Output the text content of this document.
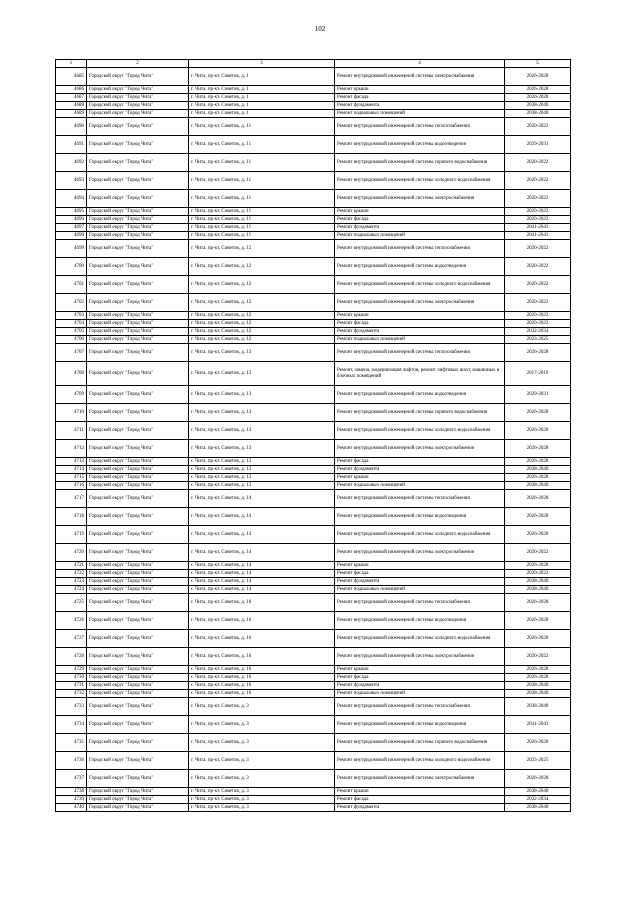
102
1	2	3	4	5
4685	Городской округ "Город Чита"	г. Чита, пр-кт. Советов, д. 1	Ремонт внутридомовой инженерной системы электроснабжения	2026-2028
4686	Городской округ "Город Чита"	г. Чита, пр-кт. Советов, д. 1	Ремонт крыши	2026-2028
4687	Городской округ "Город Чита"	г. Чита, пр-кт. Советов, д. 1	Ремонт фасада	2026-2028
4688	Городской округ "Город Чита"	г. Чита, пр-кт. Советов, д. 1	Ремонт фундамента	2038-2040
4689	Городской округ "Город Чита"	г. Чита, пр-кт. Советов, д. 1	Ремонт подвальных помещений	2038-2040
4690	Городской округ "Город Чита"	г. Чита, пр-кт. Советов, д. 11	Ремонт внутридомовой инженерной системы теплоснабжения	2020-2022
4691	Городской округ "Город Чита"	г. Чита, пр-кт. Советов, д. 11	Ремонт внутридомовой инженерной системы водоотведения	2029-2031
4692	Городской округ "Город Чита"	г. Чита, пр-кт. Советов, д. 11	Ремонт внутридомовой инженерной системы горячего водоснабжения	2020-2022
4693	Городской округ "Город Чита"	г. Чита, пр-кт. Советов, д. 11	Ремонт внутридомовой инженерной системы холодного водоснабжения	2020-2022
4694	Городской округ "Город Чита"	г. Чита, пр-кт. Советов, д. 11	Ремонт внутридомовой инженерной системы электроснабжения	2020-2022
4695	Городской округ "Город Чита"	г. Чита, пр-кт. Советов, д. 11	Ремонт крыши	2020-2022
4696	Городской округ "Город Чита"	г. Чита, пр-кт. Советов, д. 11	Ремонт фасада	2020-2022
4697	Городской округ "Город Чита"	г. Чита, пр-кт. Советов, д. 11	Ремонт фундамента	2041-2043
4698	Городской округ "Город Чита"	г. Чита, пр-кт. Советов, д. 11	Ремонт подвальных помещений	2041-2043
4699	Городской округ "Город Чита"	г. Чита, пр-кт. Советов, д. 12	Ремонт внутридомовой инженерной системы теплоснабжения	2020-2022
4700	Городской округ "Город Чита"	г. Чита, пр-кт. Советов, д. 12	Ремонт внутридомовой инженерной системы водоотведения	2020-2022
4701	Городской округ "Город Чита"	г. Чита, пр-кт. Советов, д. 12	Ремонт внутридомовой инженерной системы холодного водоснабжения	2020-2022
4702	Городской округ "Город Чита"	г. Чита, пр-кт. Советов, д. 12	Ремонт внутридомовой инженерной системы электроснабжения	2020-2022
4703	Городской округ "Город Чита"	г. Чита, пр-кт. Советов, д. 12	Ремонт крыши	2020-2022
4704	Городской округ "Город Чита"	г. Чита, пр-кт. Советов, д. 12	Ремонт фасада	2020-2022
4705	Городской округ "Город Чита"	г. Чита, пр-кт. Советов, д. 12	Ремонт фундамента	2032-2034
4706	Городской округ "Город Чита"	г. Чита, пр-кт. Советов, д. 12	Ремонт подвальных помещений	2023-2025
4707	Городской округ "Город Чита"	г. Чита, пр-кт. Советов, д. 13	Ремонт внутридомовой инженерной системы теплоснабжения	2026-2028
4708	Городской округ "Город Чита"	г. Чита, пр-кт. Советов, д. 13	Ремонт, замена, модернизация лифтов, ремонт лифтовых шахт, машинных и блочных помещений	2017-2019
4709	Городской округ "Город Чита"	г. Чита, пр-кт. Советов, д. 13	Ремонт внутридомовой инженерной системы водоотведения	2029-2031
4710	Городской округ "Город Чита"	г. Чита, пр-кт. Советов, д. 13	Ремонт внутридомовой инженерной системы горячего водоснабжения	2026-2028
4711	Городской округ "Город Чита"	г. Чита, пр-кт. Советов, д. 13	Ремонт внутридомовой инженерной системы холодного водоснабжения	2026-2028
4712	Городской округ "Город Чита"	г. Чита, пр-кт. Советов, д. 13	Ремонт внутридомовой инженерной системы электроснабжения	2026-2028
4713	Городской округ "Город Чита"	г. Чита, пр-кт. Советов, д. 13	Ремонт фасада	2026-2028
4714	Городской округ "Город Чита"	г. Чита, пр-кт. Советов, д. 13	Ремонт фундамента	2038-2040
4715	Городской округ "Город Чита"	г. Чита, пр-кт. Советов, д. 13	Ремонт крыши	2026-2028
4716	Городской округ "Город Чита"	г. Чита, пр-кт. Советов, д. 13	Ремонт подвальных помещений	2038-2040
4717	Городской округ "Город Чита"	г. Чита, пр-кт. Советов, д. 14	Ремонт внутридомовой инженерной системы теплоснабжения	2026-2028
4718	Городской округ "Город Чита"	г. Чита, пр-кт. Советов, д. 14	Ремонт внутридомовой инженерной системы водоотведения	2026-2028
4719	Городской округ "Город Чита"	г. Чита, пр-кт. Советов, д. 14	Ремонт внутридомовой инженерной системы холодного водоснабжения	2026-2028
4720	Городской округ "Город Чита"	г. Чита, пр-кт. Советов, д. 14	Ремонт внутридомовой инженерной системы электроснабжения	2020-2022
4721	Городской округ "Город Чита"	г. Чита, пр-кт. Советов, д. 14	Ремонт крыши	2026-2028
4722	Городской округ "Город Чита"	г. Чита, пр-кт. Советов, д. 14	Ремонт фасада	2020-2022
4723	Городской округ "Город Чита"	г. Чита, пр-кт. Советов, д. 14	Ремонт фундамента	2038-2040
4724	Городской округ "Город Чита"	г. Чита, пр-кт. Советов, д. 14	Ремонт подвальных помещений	2038-2040
4725	Городской округ "Город Чита"	г. Чита, пр-кт. Советов, д. 16	Ремонт внутридомовой инженерной системы теплоснабжения	2026-2028
4726	Городской округ "Город Чита"	г. Чита, пр-кт. Советов, д. 16	Ремонт внутридомовой инженерной системы водоотведения	2026-2028
4727	Городской округ "Город Чита"	г. Чита, пр-кт. Советов, д. 16	Ремонт внутридомовой инженерной системы холодного водоснабжения	2026-2028
4728	Городской округ "Город Чита"	г. Чита, пр-кт. Советов, д. 16	Ремонт внутридомовой инженерной системы электроснабжения	2020-2022
4729	Городской округ "Город Чита"	г. Чита, пр-кт. Советов, д. 16	Ремонт крыши	2026-2028
4730	Городской округ "Город Чита"	г. Чита, пр-кт. Советов, д. 16	Ремонт фасада	2026-2028
4731	Городской округ "Город Чита"	г. Чита, пр-кт. Советов, д. 16	Ремонт фундамента	2038-2040
4732	Городской округ "Город Чита"	г. Чита, пр-кт. Советов, д. 16	Ремонт подвальных помещений	2038-2040
4733	Городской округ "Город Чита"	г. Чита, пр-кт. Советов, д. 3	Ремонт внутридомовой инженерной системы теплоснабжения	2038-2040
4734	Городской округ "Город Чита"	г. Чита, пр-кт. Советов, д. 3	Ремонт внутридомовой инженерной системы водоотведения	2041-2043
4735	Городской округ "Город Чита"	г. Чита, пр-кт. Советов, д. 3	Ремонт внутридомовой инженерной системы горячего водоснабжения	2026-2028
4736	Городской округ "Город Чита"	г. Чита, пр-кт. Советов, д. 3	Ремонт внутридомовой инженерной системы холодного водоснабжения	2023-2025
4737	Городской округ "Город Чита"	г. Чита, пр-кт. Советов, д. 3	Ремонт внутридомовой инженерной системы электроснабжения	2026-2028
4738	Городской округ "Город Чита"	г. Чита, пр-кт. Советов, д. 3	Ремонт крыши	2038-2040
4739	Городской округ "Город Чита"	г. Чита, пр-кт. Советов, д. 3	Ремонт фасада	2032-2034
4740	Городской округ "Город Чита"	г. Чита, пр-кт. Советов, д. 3	Ремонт фундамента	2038-2040
